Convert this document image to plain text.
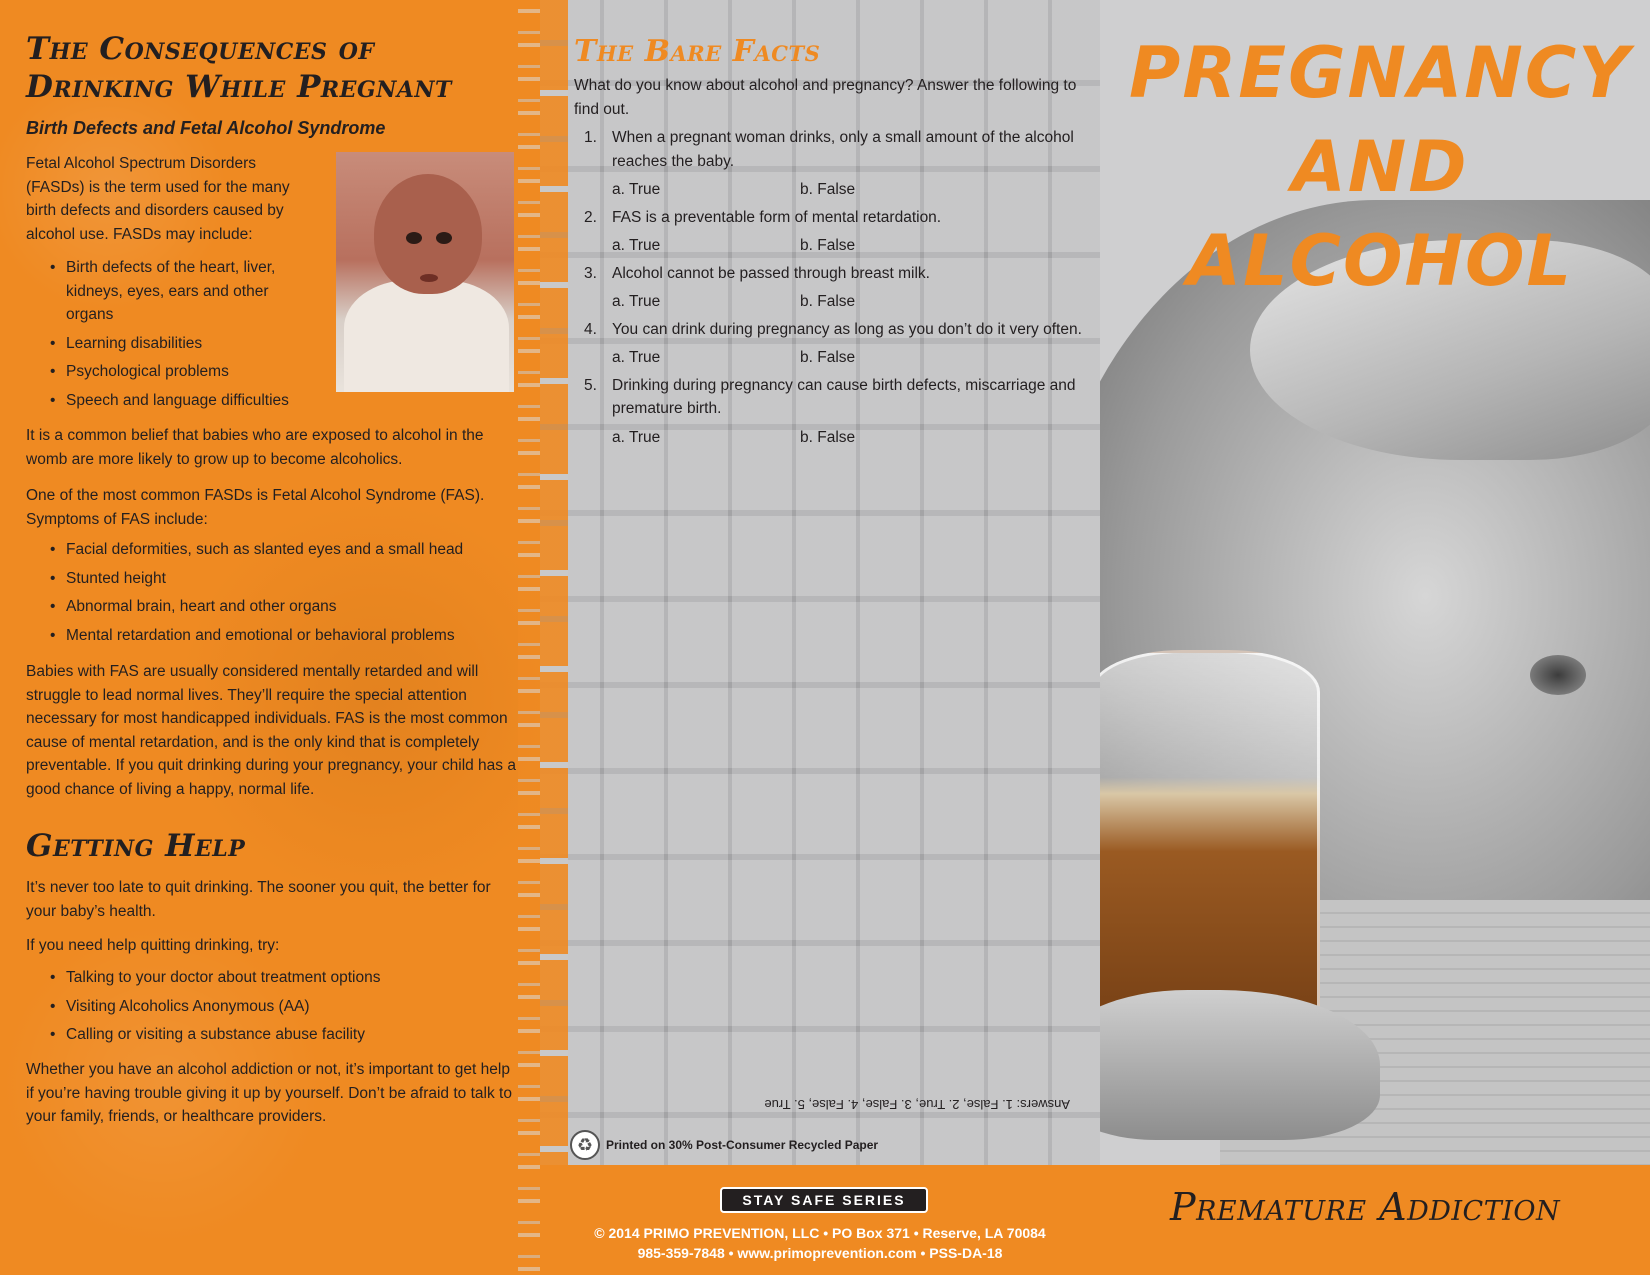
The Consequences of Drinking While Pregnant
Birth Defects and Fetal Alcohol Syndrome

Fetal Alcohol Spectrum Disorders (FASDs) is the term used for the many birth defects and disorders caused by alcohol use. FASDs may include:

• Birth defects of the heart, liver, kidneys, eyes, ears and other organs
• Learning disabilities
• Psychological problems
• Speech and language difficulties

It is a common belief that babies who are exposed to alcohol in the womb are more likely to grow up to become alcoholics.

One of the most common FASDs is Fetal Alcohol Syndrome (FAS). Symptoms of FAS include:

• Facial deformities, such as slanted eyes and a small head
• Stunted height
• Abnormal brain, heart and other organs
• Mental retardation and emotional or behavioral problems

Babies with FAS are usually considered mentally retarded and will struggle to lead normal lives. They’ll require the special attention necessary for most handicapped individuals. FAS is the most common cause of mental retardation, and is the only kind that is completely preventable. If you quit drinking during your pregnancy, your child has a good chance of living a happy, normal life.

Getting Help

It’s never too late to quit drinking. The sooner you quit, the better for your baby’s health.

If you need help quitting drinking, try:

• Talking to your doctor about treatment options
• Visiting Alcoholics Anonymous (AA)
• Calling or visiting a substance abuse facility

Whether you have an alcohol addiction or not, it’s important to get help if you’re having trouble giving it up by yourself. Don’t be afraid to talk to your family, friends, or healthcare providers.

The Bare Facts

What do you know about alcohol and pregnancy? Answer the following to find out.

1. When a pregnant woman drinks, only a small amount of the alcohol reaches the baby.
a. True	b. False
2. FAS is a preventable form of mental retardation.
a. True	b. False
3. Alcohol cannot be passed through breast milk.
a. True	b. False
4. You can drink during pregnancy as long as you don’t do it very often.
a. True	b. False
5. Drinking during pregnancy can cause birth defects, miscarriage and premature birth.
a. True	b. False
Answers: 1. False, 2. True, 3. False, 4. False, 5. True
♻	Printed on 30% Post-Consumer Recycled Paper
PREGNANCY
AND ALCOHOL
STAY SAFE SERIES
© 2014 PRIMO PREVENTION, LLC • PO Box 371 • Reserve, LA 70084
985-359-7848 • www.primoprevention.com • PSS-DA-18
Premature Addiction
